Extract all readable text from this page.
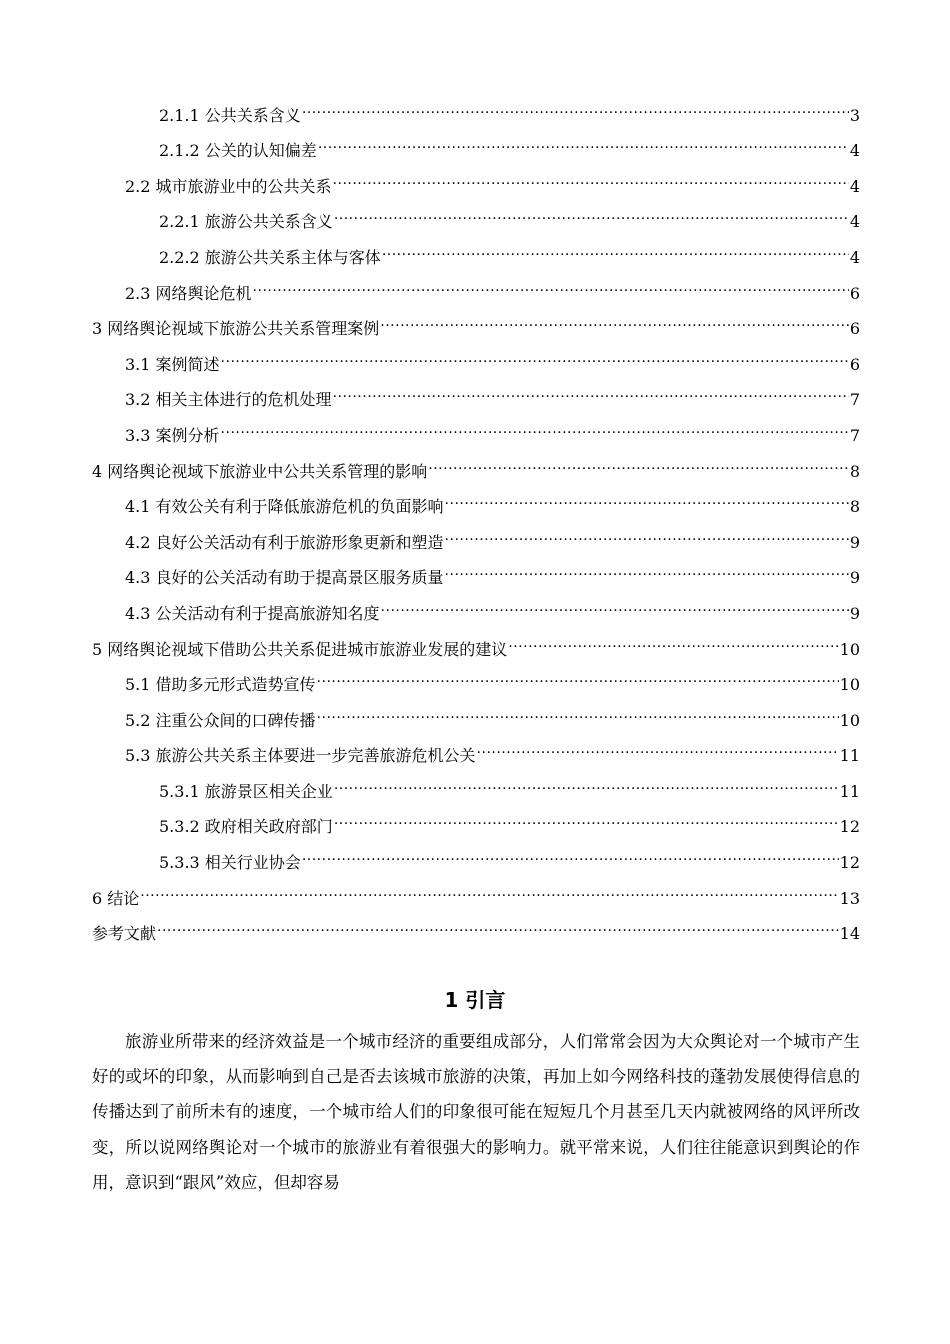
2.1.1 公共关系含义 .....	3
2.1.2 公关的认知偏差 .....	4
2.2 城市旅游业中的公共关系 .....	4
2.2.1 旅游公共关系含义 .....	4
2.2.2 旅游公共关系主体与客体 .....	4
2.3 网络舆论危机 .....	6
3 网络舆论视域下旅游公共关系管理案例 .....	6
3.1 案例简述 .....	6
3.2 相关主体进行的危机处理 .....	7
3.3 案例分析 .....	7
4 网络舆论视域下旅游业中公共关系管理的影响 .....	8
4.1 有效公关有利于降低旅游危机的负面影响 .....	8
4.2 良好公关活动有利于旅游形象更新和塑造 .....	9
4.3 良好的公关活动有助于提高景区服务质量 .....	9
4.3 公关活动有利于提高旅游知名度 .....	9
5 网络舆论视域下借助公共关系促进城市旅游业发展的建议 .....	10
5.1 借助多元形式造势宣传 .....	10
5.2 注重公众间的口碑传播 .....	10
5.3 旅游公共关系主体要进一步完善旅游危机公关 .....	11
5.3.1 旅游景区相关企业 .....	11
5.3.2 政府相关政府部门 .....	12
5.3.3 相关行业协会 .....	12
6 结论 .....	13
参考文献 .....	14
1 引言

旅游业所带来的经济效益是一个城市经济的重要组成部分，人们常常会因为大众舆论对一个城市产生好的或坏的印象，从而影响到自己是否去该城市旅游的决策，再加上如今网络科技的蓬勃发展使得信息的传播达到了前所未有的速度，一个城市给人们的印象很可能在短短几个月甚至几天内就被网络的风评所改变，所以说网络舆论对一个城市的旅游业有着很强大的影响力。就平常来说，人们往往能意识到舆论的作用，意识到“跟风”效应，但却容易
